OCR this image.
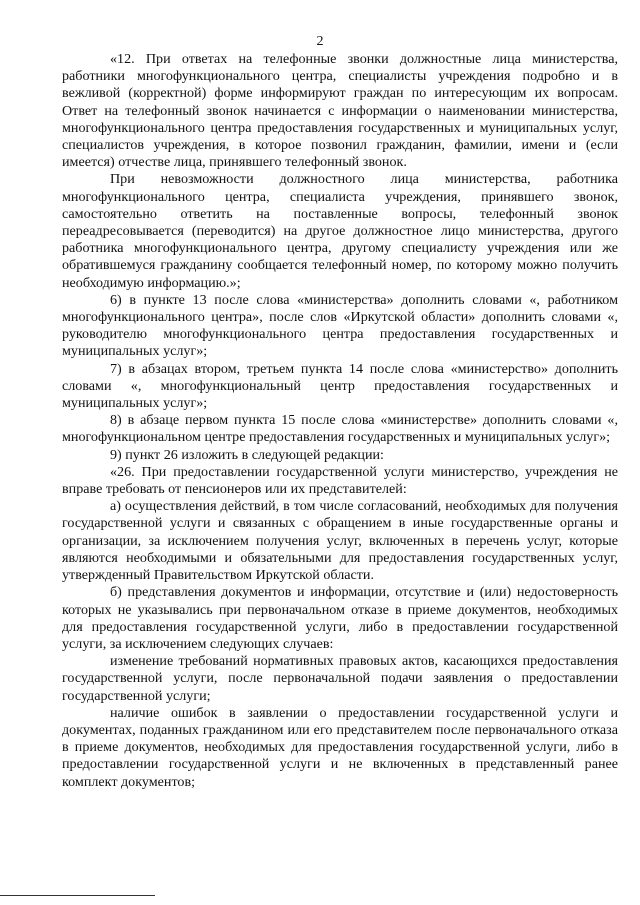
2

«12. При ответах на телефонные звонки должностные лица министерства, работники многофункционального центра, специалисты учреждения подробно и в вежливой (корректной) форме информируют граждан по интересующим их вопросам. Ответ на телефонный звонок начинается с информации о наименовании министерства, многофункционального центра предоставления государственных и муниципальных услуг, специалистов учреждения, в которое позвонил гражданин, фамилии, имени и (если имеется) отчестве лица, принявшего телефонный звонок.

При невозможности должностного лица министерства, работника многофункционального центра, специалиста учреждения, принявшего звонок, самостоятельно ответить на поставленные вопросы, телефонный звонок переадресовывается (переводится) на другое должностное лицо министерства, другого работника многофункционального центра, другому специалисту учреждения или же обратившемуся гражданину сообщается телефонный номер, по которому можно получить необходимую информацию.»;

6) в пункте 13 после слова «министерства» дополнить словами «, работником многофункционального центра», после слов «Иркутской области» дополнить словами «, руководителю многофункционального центра предоставления государственных и муниципальных услуг»;

7) в абзацах втором, третьем пункта 14 после слова «министерство» дополнить словами «, многофункциональный центр предоставления государственных и муниципальных услуг»;

8) в абзаце первом пункта 15 после слова «министерстве» дополнить словами «, многофункциональном центре предоставления государственных и муниципальных услуг»;

9) пункт 26 изложить в следующей редакции:

«26. При предоставлении государственной услуги министерство, учреждения не вправе требовать от пенсионеров или их представителей:

а) осуществления действий, в том числе согласований, необходимых для получения государственной услуги и связанных с обращением в иные государственные органы и организации, за исключением получения услуг, включенных в перечень услуг, которые являются необходимыми и обязательными для предоставления государственных услуг, утвержденный Правительством Иркутской области.

б) представления документов и информации, отсутствие и (или) недостоверность которых не указывались при первоначальном отказе в приеме документов, необходимых для предоставления государственной услуги, либо в предоставлении государственной услуги, за исключением следующих случаев:

изменение требований нормативных правовых актов, касающихся предоставления государственной услуги, после первоначальной подачи заявления о предоставлении государственной услуги;

наличие ошибок в заявлении о предоставлении государственной услуги и документах, поданных гражданином или его представителем после первоначального отказа в приеме документов, необходимых для предоставления государственной услуги, либо в предоставлении государственной услуги и не включенных в представленный ранее комплект документов;
